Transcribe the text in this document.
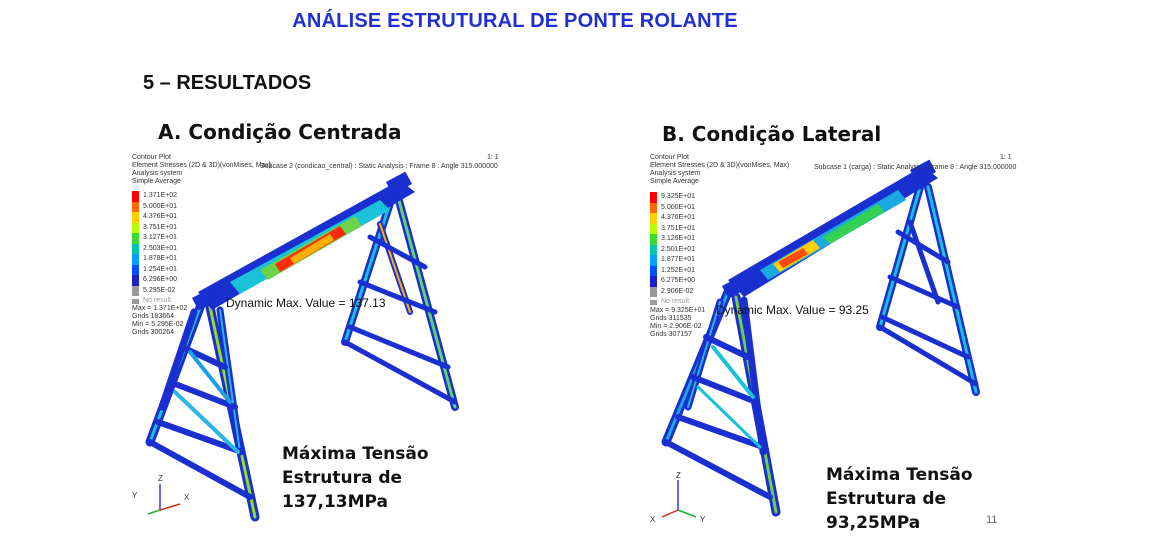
ANÁLISE ESTRUTURAL DE PONTE ROLANTE
5 – RESULTADOS
A. Condição Centrada	B. Condição Lateral
Contour Plot
Element Stresses (2D & 3D)(vonMises, Max)
Analysis system
Simple Average
Subcase 2 (condicao_central) : Static Analysis : Frame 8 : Angle 315.000000
1: 1
1.371E+02
5.000E+01
4.376E+01
3.751E+01
3.127E+01
2.503E+01
1.878E+01
1.254E+01
6.296E+00
5.295E-02
No result
Max = 1.371E+02
Grids 183664
Min = 5.295E-02
Grids 300264
Dynamic Max. Value = 137.13
Máxima Tensão
Estrutura de 137,13MPa
Z
Y	X
Contour Plot
Element Stresses (2D & 3D)(vonMises, Max)
Analysis system
Simple Average
Subcase 1 (carga) : Static Analysis : Frame 8 : Angle 315.000000
1: 1
9.325E+01
5.000E+01
4.376E+01
3.751E+01
3.126E+01
2.501E+01
1.877E+01
1.252E+01
6.275E+00
2.906E-02
No result
Max = 9.325E+01
Grids 311535
Min = 2.906E-02
Grids 307157
Dynamic Max. Value = 93.25
Máxima Tensão
Estrutura de 93,25MPa
Z
X	Y	11
